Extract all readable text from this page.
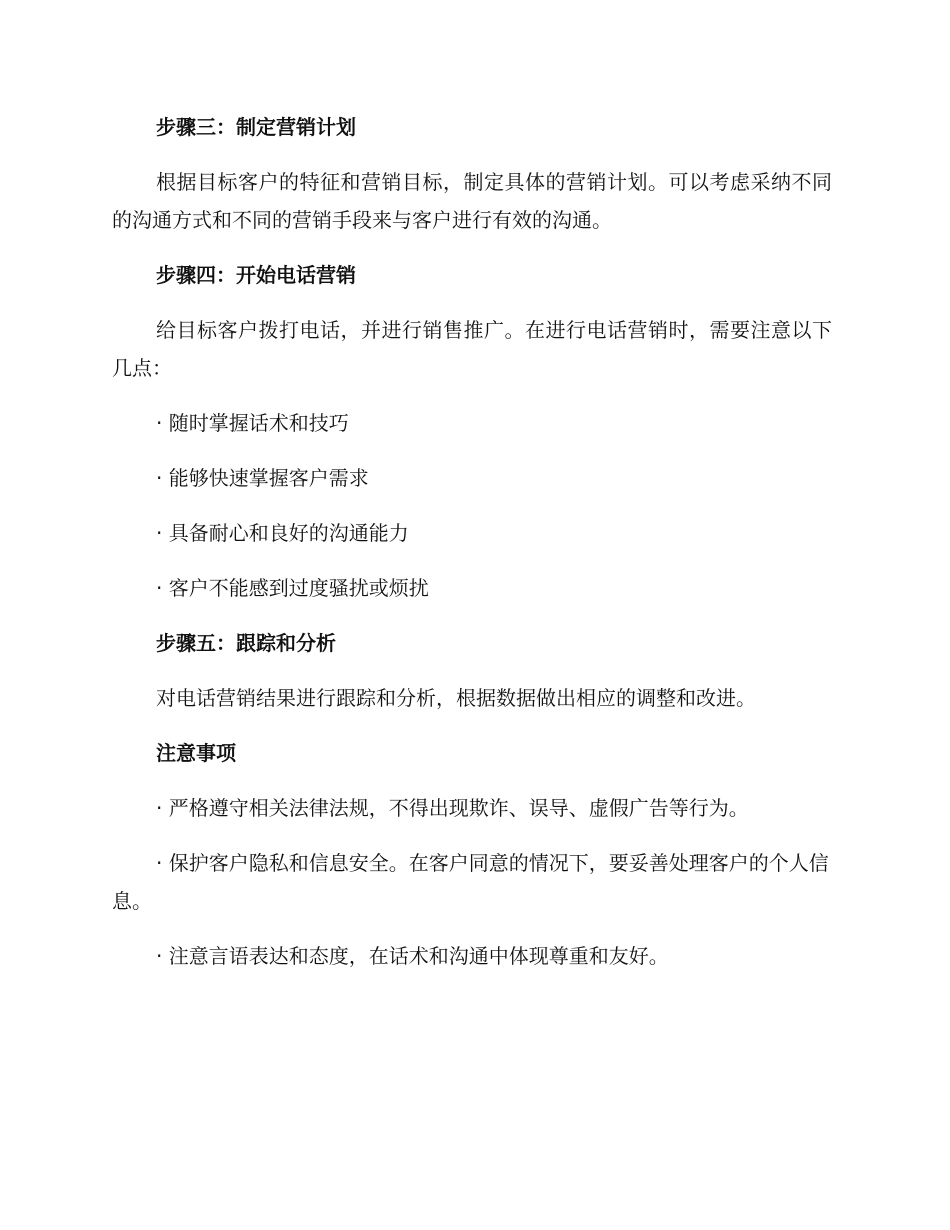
步骤三：制定营销计划
根据目标客户的特征和营销目标，制定具体的营销计划。可以考虑采纳不同的沟通方式和不同的营销手段来与客户进行有效的沟通。
步骤四：开始电话营销
给目标客户拨打电话，并进行销售推广。在进行电话营销时，需要注意以下几点：
· 随时掌握话术和技巧
· 能够快速掌握客户需求
· 具备耐心和良好的沟通能力
· 客户不能感到过度骚扰或烦扰
步骤五：跟踪和分析
对电话营销结果进行跟踪和分析，根据数据做出相应的调整和改进。
注意事项
· 严格遵守相关法律法规，不得出现欺诈、误导、虚假广告等行为。
· 保护客户隐私和信息安全。在客户同意的情况下，要妥善处理客户的个人信息。
· 注意言语表达和态度，在话术和沟通中体现尊重和友好。
